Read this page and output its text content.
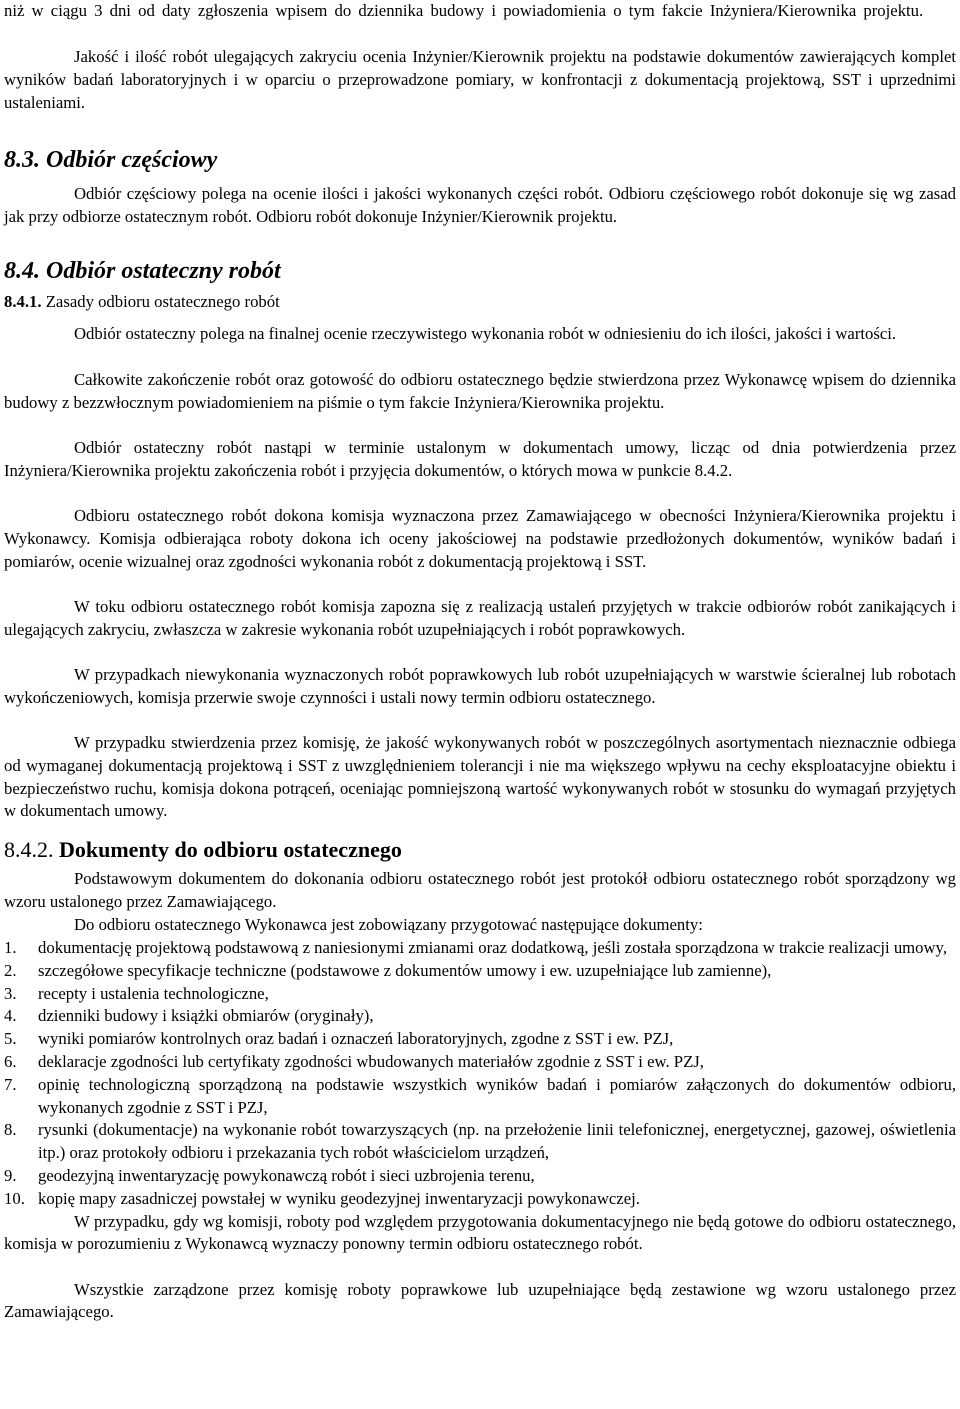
niż w ciągu 3 dni od daty zgłoszenia wpisem do dziennika budowy i powiadomienia o tym fakcie Inżyniera/Kierownika projektu.
Jakość i ilość robót ulegających zakryciu ocenia Inżynier/Kierownik projektu na podstawie dokumentów zawierających komplet wyników badań laboratoryjnych i w oparciu o przeprowadzone pomiary, w konfrontacji z dokumentacją projektową, SST i uprzednimi ustaleniami.
8.3. Odbiór częściowy
Odbiór częściowy polega na ocenie ilości i jakości wykonanych części robót. Odbioru częściowego robót dokonuje się wg zasad jak przy odbiorze ostatecznym robót. Odbioru robót dokonuje Inżynier/Kierownik projektu.
8.4. Odbiór ostateczny robót
8.4.1. Zasady odbioru ostatecznego robót
Odbiór ostateczny polega na finalnej ocenie rzeczywistego wykonania robót w odniesieniu do ich ilości, jakości i wartości.
Całkowite zakończenie robót oraz gotowość do odbioru ostatecznego będzie stwierdzona przez Wykonawcę wpisem do dziennika budowy z bezzwłocznym powiadomieniem na piśmie o tym fakcie Inżyniera/Kierownika projektu.
Odbiór ostateczny robót nastąpi w terminie ustalonym w dokumentach umowy, licząc od dnia potwierdzenia przez Inżyniera/Kierownika projektu zakończenia robót i przyjęcia dokumentów, o których mowa w punkcie 8.4.2.
Odbioru ostatecznego robót dokona komisja wyznaczona przez Zamawiającego w obecności Inżyniera/Kierownika projektu i Wykonawcy. Komisja odbierająca roboty dokona ich oceny jakościowej na podstawie przedłożonych dokumentów, wyników badań i pomiarów, ocenie wizualnej oraz zgodności wykonania robót z dokumentacją projektową i SST.
W toku odbioru ostatecznego robót komisja zapozna się z realizacją ustaleń przyjętych w trakcie odbiorów robót zanikających i ulegających zakryciu, zwłaszcza w zakresie wykonania robót uzupełniających i robót poprawkowych.
W przypadkach niewykonania wyznaczonych robót poprawkowych lub robót uzupełniających w warstwie ścieralnej lub robotach wykończeniowych, komisja przerwie swoje czynności i ustali nowy termin odbioru ostatecznego.
W przypadku stwierdzenia przez komisję, że jakość wykonywanych robót w poszczególnych asortymentach nieznacznie odbiega od wymaganej dokumentacją projektową i SST z uwzględnieniem tolerancji i nie ma większego wpływu na cechy eksploatacyjne obiektu i bezpieczeństwo ruchu, komisja dokona potrąceń, oceniając pomniejszoną wartość wykonywanych robót w stosunku do wymagań przyjętych w dokumentach umowy.
8.4.2. Dokumenty do odbioru ostatecznego
Podstawowym dokumentem do dokonania odbioru ostatecznego robót jest protokół odbioru ostatecznego robót sporządzony wg wzoru ustalonego przez Zamawiającego.
Do odbioru ostatecznego Wykonawca jest zobowiązany przygotować następujące dokumenty:
1.	dokumentację projektową podstawową z naniesionymi zmianami oraz dodatkową, jeśli została sporządzona w trakcie realizacji umowy,
2.	szczegółowe specyfikacje techniczne (podstawowe z dokumentów umowy i ew. uzupełniające lub zamienne),
3.	recepty i ustalenia technologiczne,
4.	dzienniki budowy i książki obmiarów (oryginały),
5.	wyniki pomiarów kontrolnych oraz badań i oznaczeń laboratoryjnych, zgodne z SST i ew. PZJ,
6.	deklaracje zgodności lub certyfikaty zgodności wbudowanych materiałów zgodnie z SST i ew. PZJ,
7.	opinię technologiczną sporządzoną na podstawie wszystkich wyników badań i pomiarów załączonych do dokumentów odbioru, wykonanych zgodnie z SST i PZJ,
8.	rysunki (dokumentacje) na wykonanie robót towarzyszących (np. na przełożenie linii telefonicznej, energetycznej, gazowej, oświetlenia itp.) oraz protokoły odbioru i przekazania tych robót właścicielom urządzeń,
9.	geodezyjną inwentaryzację powykonawczą robót i sieci uzbrojenia terenu,
10. kopię mapy zasadniczej powstałej w wyniku geodezyjnej inwentaryzacji powykonawczej.
W przypadku, gdy wg komisji, roboty pod względem przygotowania dokumentacyjnego nie będą gotowe do odbioru ostatecznego, komisja w porozumieniu z Wykonawcą wyznaczy ponowny termin odbioru ostatecznego robót.
Wszystkie zarządzone przez komisję roboty poprawkowe lub uzupełniające będą zestawione wg wzoru ustalonego przez Zamawiającego.
